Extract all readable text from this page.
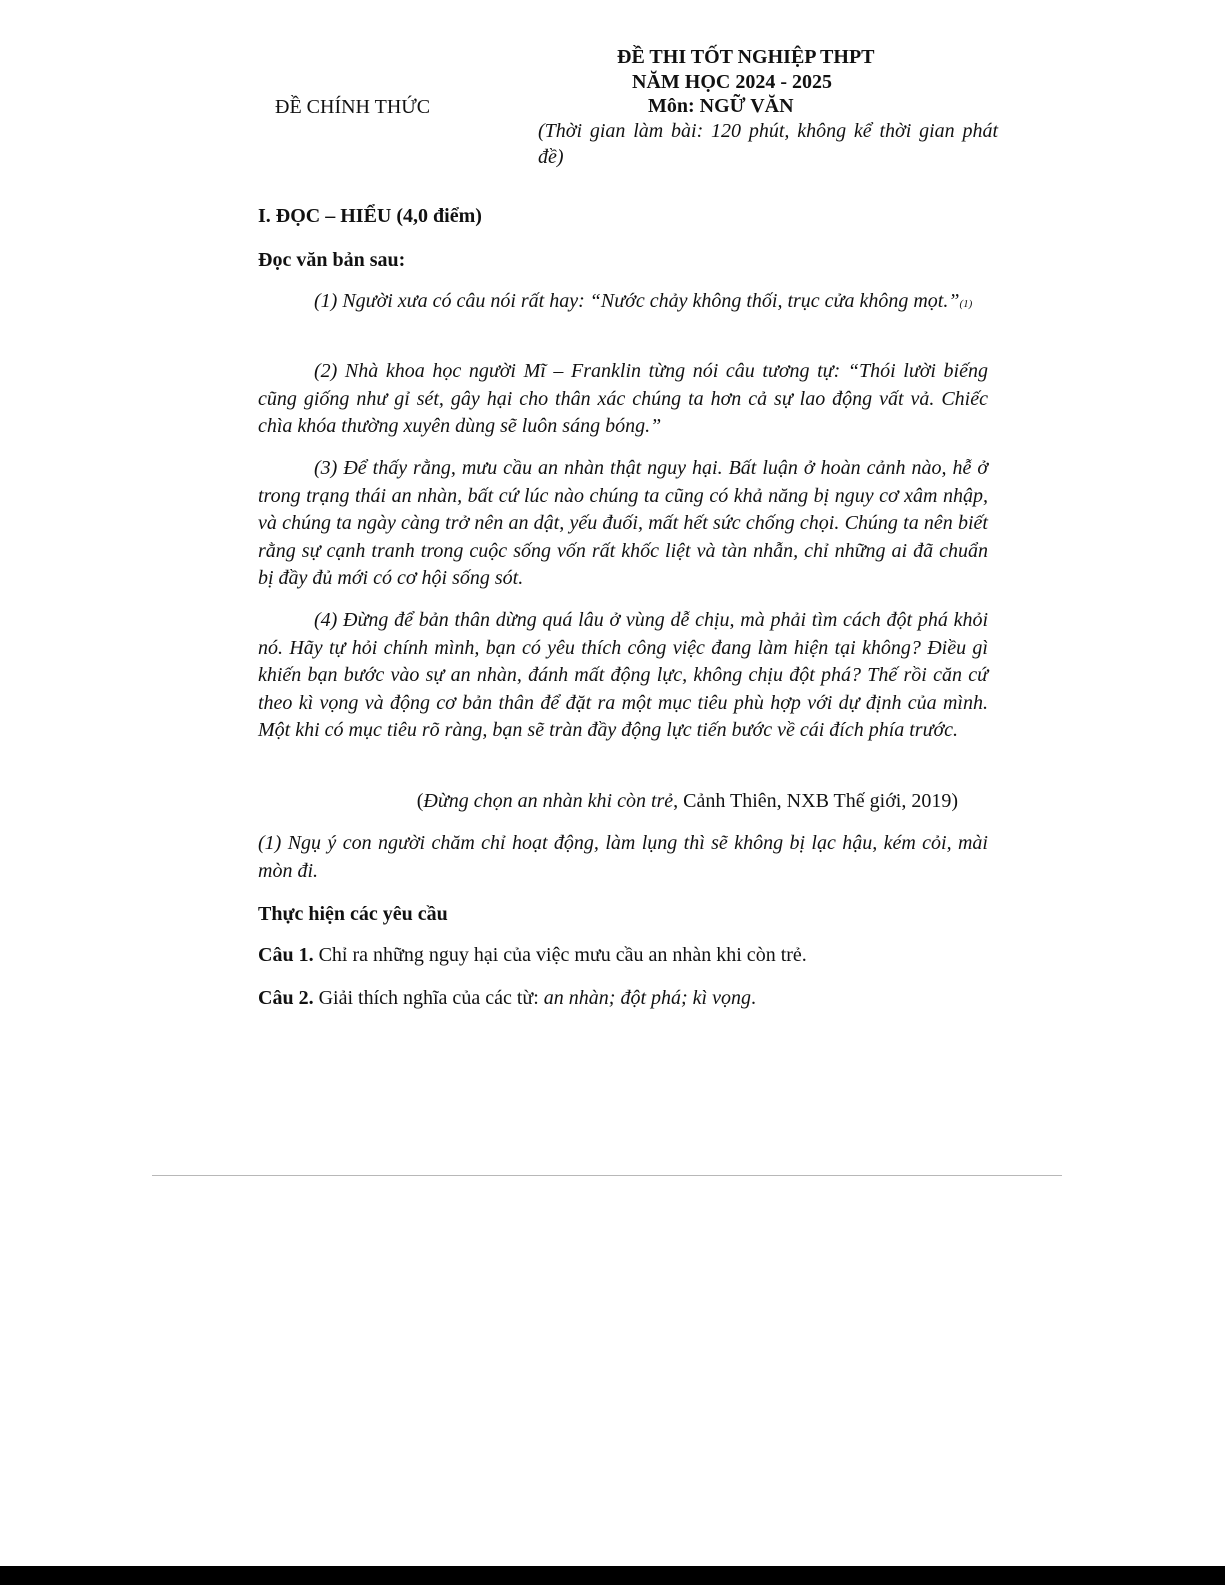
ĐỀ THI TỐT NGHIỆP THPT
NĂM HỌC 2024 - 2025
Môn: NGỮ VĂN
ĐỀ CHÍNH THỨC
(Thời gian làm bài: 120 phút, không kể thời gian phát đề)
I. ĐỌC – HIỂU (4,0 điểm)
Đọc văn bản sau:

(1) Người xưa có câu nói rất hay: “Nước chảy không thối, trục cửa không mọt.”(1)

(2) Nhà khoa học người Mĩ – Franklin từng nói câu tương tự: “Thói lười biếng cũng giống như gỉ sét, gây hại cho thân xác chúng ta hơn cả sự lao động vất vả. Chiếc chìa khóa thường xuyên dùng sẽ luôn sáng bóng.”

(3) Để thấy rằng, mưu cầu an nhàn thật nguy hại. Bất luận ở hoàn cảnh nào, hễ ở trong trạng thái an nhàn, bất cứ lúc nào chúng ta cũng có khả năng bị nguy cơ xâm nhập, và chúng ta ngày càng trở nên an dật, yếu đuối, mất hết sức chống chọi. Chúng ta nên biết rằng sự cạnh tranh trong cuộc sống vốn rất khốc liệt và tàn nhẫn, chỉ những ai đã chuẩn bị đầy đủ mới có cơ hội sống sót.

(4) Đừng để bản thân dừng quá lâu ở vùng dễ chịu, mà phải tìm cách đột phá khỏi nó. Hãy tự hỏi chính mình, bạn có yêu thích công việc đang làm hiện tại không? Điều gì khiến bạn bước vào sự an nhàn, đánh mất động lực, không chịu đột phá? Thế rồi căn cứ theo kì vọng và động cơ bản thân để đặt ra một mục tiêu phù hợp với dự định của mình. Một khi có mục tiêu rõ ràng, bạn sẽ tràn đầy động lực tiến bước về cái đích phía trước.

(Đừng chọn an nhàn khi còn trẻ, Cảnh Thiên, NXB Thế giới, 2019)
(1) Ngụ ý con người chăm chỉ hoạt động, làm lụng thì sẽ không bị lạc hậu, kém cỏi, mài mòn đi.
Thực hiện các yêu cầu
Câu 1. Chỉ ra những nguy hại của việc mưu cầu an nhàn khi còn trẻ.
Câu 2. Giải thích nghĩa của các từ: an nhàn; đột phá; kì vọng.
